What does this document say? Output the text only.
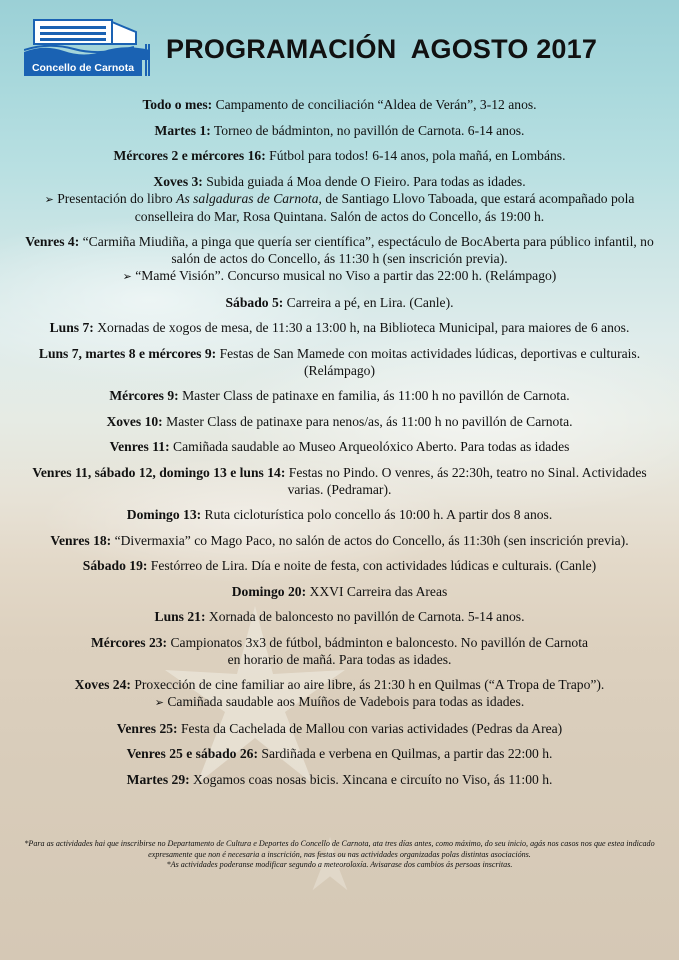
Concello de Carnota
PROGRAMACIÓN  AGOSTO 2017

Todo o mes: Campamento de conciliación “Aldea de Verán”, 3-12 anos.

Martes 1: Torneo de bádminton, no pavillón de Carnota. 6-14 anos.

Mércores 2 e mércores 16: Fútbol para todos! 6-14 anos, pola mañá, en Lombáns.

Xoves 3: Subida guiada á Moa dende O Fieiro. Para todas as idades.
➢ Presentación do libro As salgaduras de Carnota, de Santiago Llovo Taboada, que estará acompañado pola conselleira do Mar, Rosa Quintana. Salón de actos do Concello, ás 19:00 h.

Venres 4: “Carmiña Miudiña, a pinga que quería ser científica”, espectáculo de BocAberta para público infantil, no salón de actos do Concello, ás 11:30 h (sen inscrición previa).
➢ “Mamé Visión”. Concurso musical no Viso a partir das 22:00 h. (Relámpago)

Sábado 5: Carreira a pé, en Lira. (Canle).

Luns 7: Xornadas de xogos de mesa, de 11:30 a 13:00 h, na Biblioteca Municipal, para maiores de 6 anos.

Luns 7, martes 8 e mércores 9: Festas de San Mamede con moitas actividades lúdicas, deportivas e culturais. (Relámpago)

Mércores 9: Master Class de patinaxe en familia, ás 11:00 h no pavillón de Carnota.

Xoves 10: Master Class de patinaxe para nenos/as, ás 11:00 h no pavillón de Carnota.

Venres 11: Camiñada saudable ao Museo Arqueolóxico Aberto. Para todas as idades

Venres 11, sábado 12, domingo 13 e luns 14: Festas no Pindo. O venres, ás 22:30h, teatro no Sinal. Actividades varias. (Pedramar).

Domingo 13: Ruta cicloturística polo concello ás 10:00 h. A partir dos 8 anos.

Venres 18: “Divermaxia” co Mago Paco, no salón de actos do Concello, ás 11:30h (sen inscrición previa).

Sábado 19: Festórreo de Lira. Día e noite de festa, con actividades lúdicas e culturais. (Canle)

Domingo 20: XXVI Carreira das Areas

Luns 21: Xornada de baloncesto no pavillón de Carnota. 5-14 anos.

Mércores 23: Campionatos 3x3 de fútbol, bádminton e baloncesto. No pavillón de Carnota
en horario de mañá. Para todas as idades.

Xoves 24: Proxección de cine familiar ao aire libre, ás 21:30 h en Quilmas (“A Tropa de Trapo”).
➢ Camiñada saudable aos Muíños de Vadebois para todas as idades.

Venres 25: Festa da Cachelada de Mallou con varias actividades (Pedras da Area)

Venres 25 e sábado 26: Sardiñada e verbena en Quilmas, a partir das 22:00 h.

Martes 29: Xogamos coas nosas bicis. Xincana e circuíto no Viso, ás 11:00 h.

*Para as actividades hai que inscribirse no Departamento de Cultura e Deportes do Concello de Carnota, ata tres días antes, como máximo, do seu inicio, agás nos casos nos que estea indicado expresamente que non é necesaria a inscrición, nas festas ou nas actividades organizadas polas distintas asociacións.
*As actividades poderanse modificar segundo a meteoroloxía. Avisarase dos cambios ás persoas inscritas.
